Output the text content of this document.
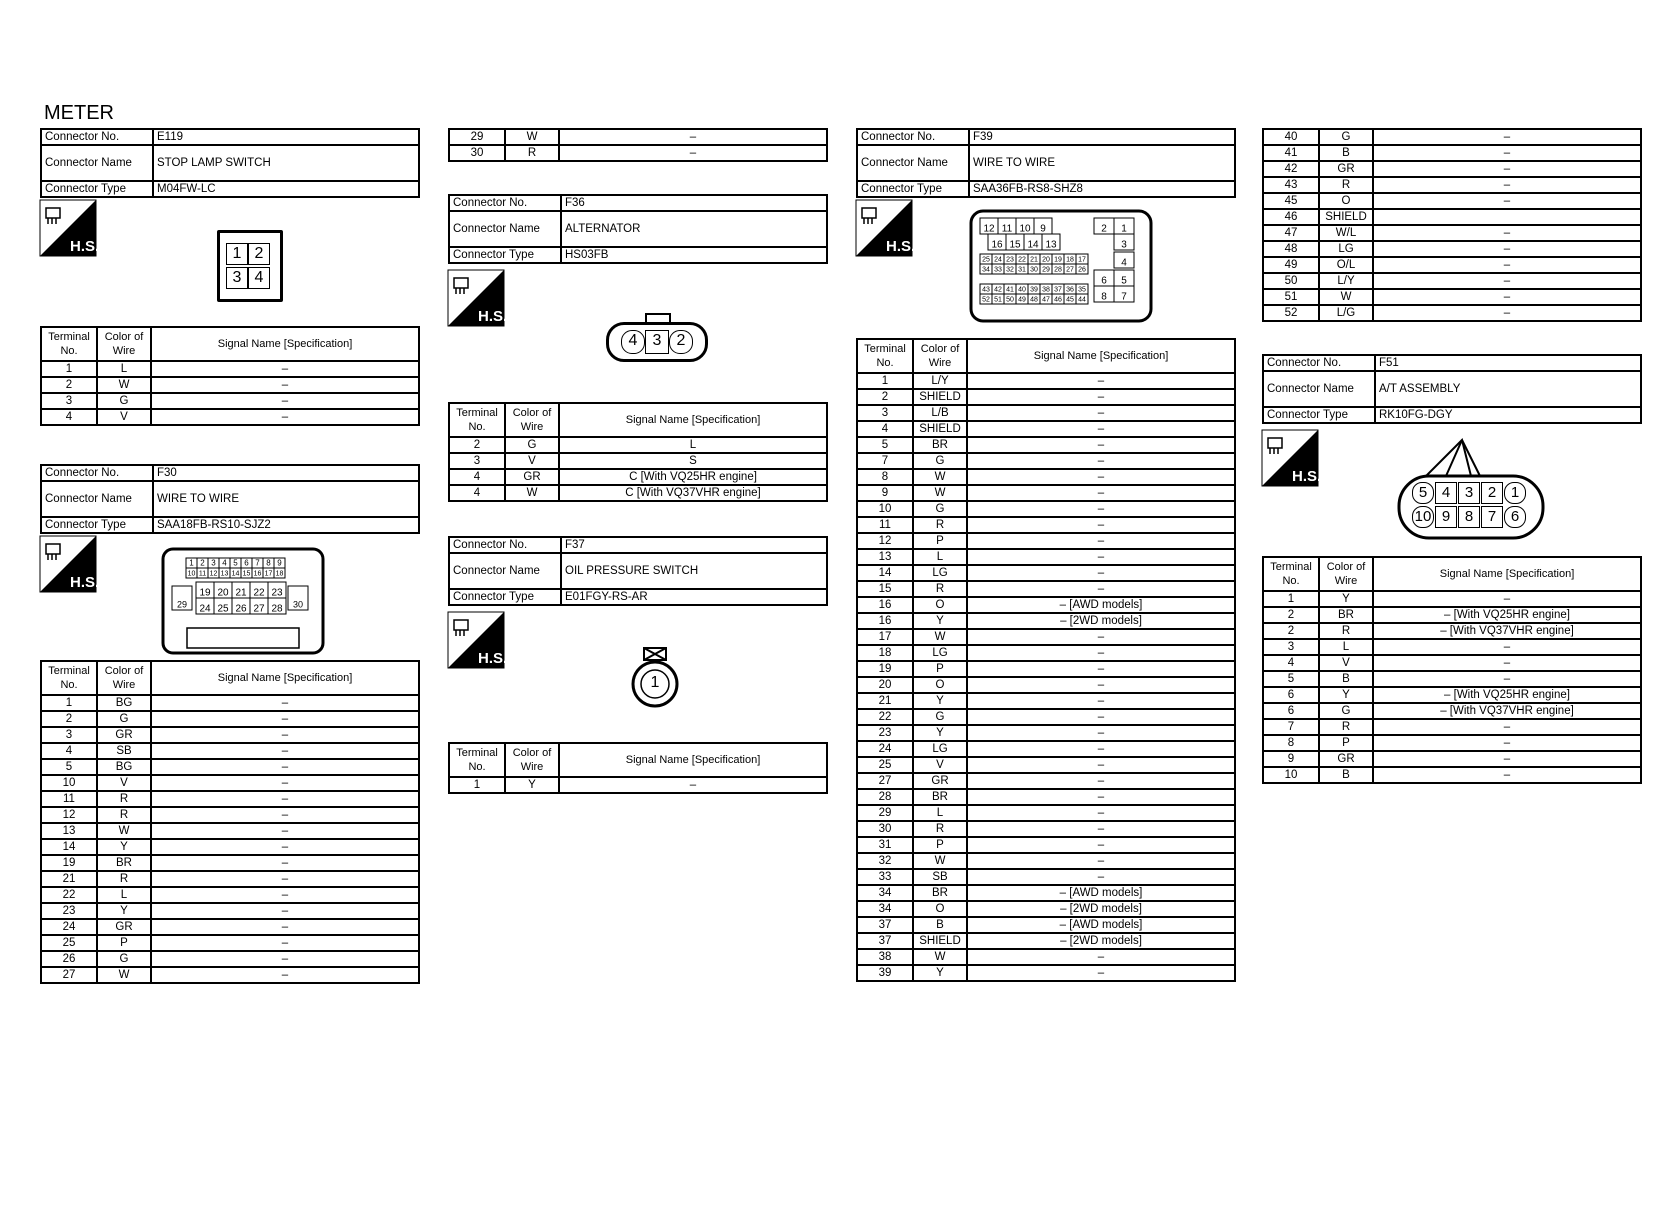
METER
Connector No.	E119
Connector Name	STOP LAMP SWITCH
Connector Type	M04FW-LC
H.S.	1 2
3 4
Terminal No.	Color of Wire	Signal Name [Specification]
1	L	–
2	W	–
3	G	–
4	V	–
Connector No.	F30
Connector Name	WIRE TO WIRE
Connector Type	SAA18FB-RS10-SJZ2
H.S.
1 2 3 4 5 6 7 8 9
10 11 12 13 14 15 16 17 18
29
19 20 21 22 23
24 25 26 27 28 30
Terminal No.	Color of Wire	Signal Name [Specification]
1	BG	–
2	G	–
3	GR	–
4	SB	–
5	BG	–
10	V	–
11	R	–
12	R	–
13	W	–
14	Y	–
19	BR	–
21	R	–
22	L	–
23	Y	–
24	GR	–
25	P	–
26	G	–
27	W	–
29	W	–
30	R	–
Connector No.	F36
Connector Name	ALTERNATOR
Connector Type	HS03FB
H.S.
4 3 2
Terminal No.	Color of Wire	Signal Name [Specification]
2	G	L
3	V	S
4	GR	C [With VQ25HR engine]
4	W	C [With VQ37VHR engine]
Connector No.	F37
Connector Name	OIL PRESSURE SWITCH
Connector Type	E01FGY-RS-AR
H.S.
1
Terminal No.	Color of Wire	Signal Name [Specification]
1	Y	–
Connector No.	F39
Connector Name	WIRE TO WIRE
Connector Type	SAA36FB-RS8-SHZ8
H.S.
12 11 10 9
16 15 14 13
25 24 23 22 21 20 19 18 17
34 33 32 31 30 29 28 27 26
43 42 41 40 39 38 37 36 35
52 51 50 49 48 47 46 45 44
2 1
3
4
6 5
8 7
Terminal No.	Color of Wire	Signal Name [Specification]
1	L/Y	–
2	SHIELD	–
3	L/B	–
4	SHIELD	–
5	BR	–
7	G	–
8	W	–
9	W	–
10	G	–
11	R	–
12	P	–
13	L	–
14	LG	–
15	R	–
16	O	– [AWD models]
16	Y	– [2WD models]
17	W	–
18	LG	–
19	P	–
20	O	–
21	Y	–
22	G	–
23	Y	–
24	LG	–
25	V	–
27	GR	–
28	BR	–
29	L	–
30	R	–
31	P	–
32	W	–
33	SB	–
34	BR	– [AWD models]
34	O	– [2WD models]
37	B	– [AWD models]
37	SHIELD	– [2WD models]
38	W	–
39	Y	–
40	G	–
41	B	–
42	GR	–
43	R	–
45	O	–
46	SHIELD	
47	W/L	–
48	LG	–
49	O/L	–
50	L/Y	–
51	W	–
52	L/G	–
Connector No.	F51
Connector Name	A/T ASSEMBLY
Connector Type	RK10FG-DGY
H.S.
5 4 3 2 1
10 9 8 7 6
Terminal No.	Color of Wire	Signal Name [Specification]
1	Y	–
2	BR	– [With VQ25HR engine]
2	R	– [With VQ37VHR engine]
3	L	–
4	V	–
5	B	–
6	Y	– [With VQ25HR engine]
6	G	– [With VQ37VHR engine]
7	R	–
8	P	–
9	GR	–
10	B	–
